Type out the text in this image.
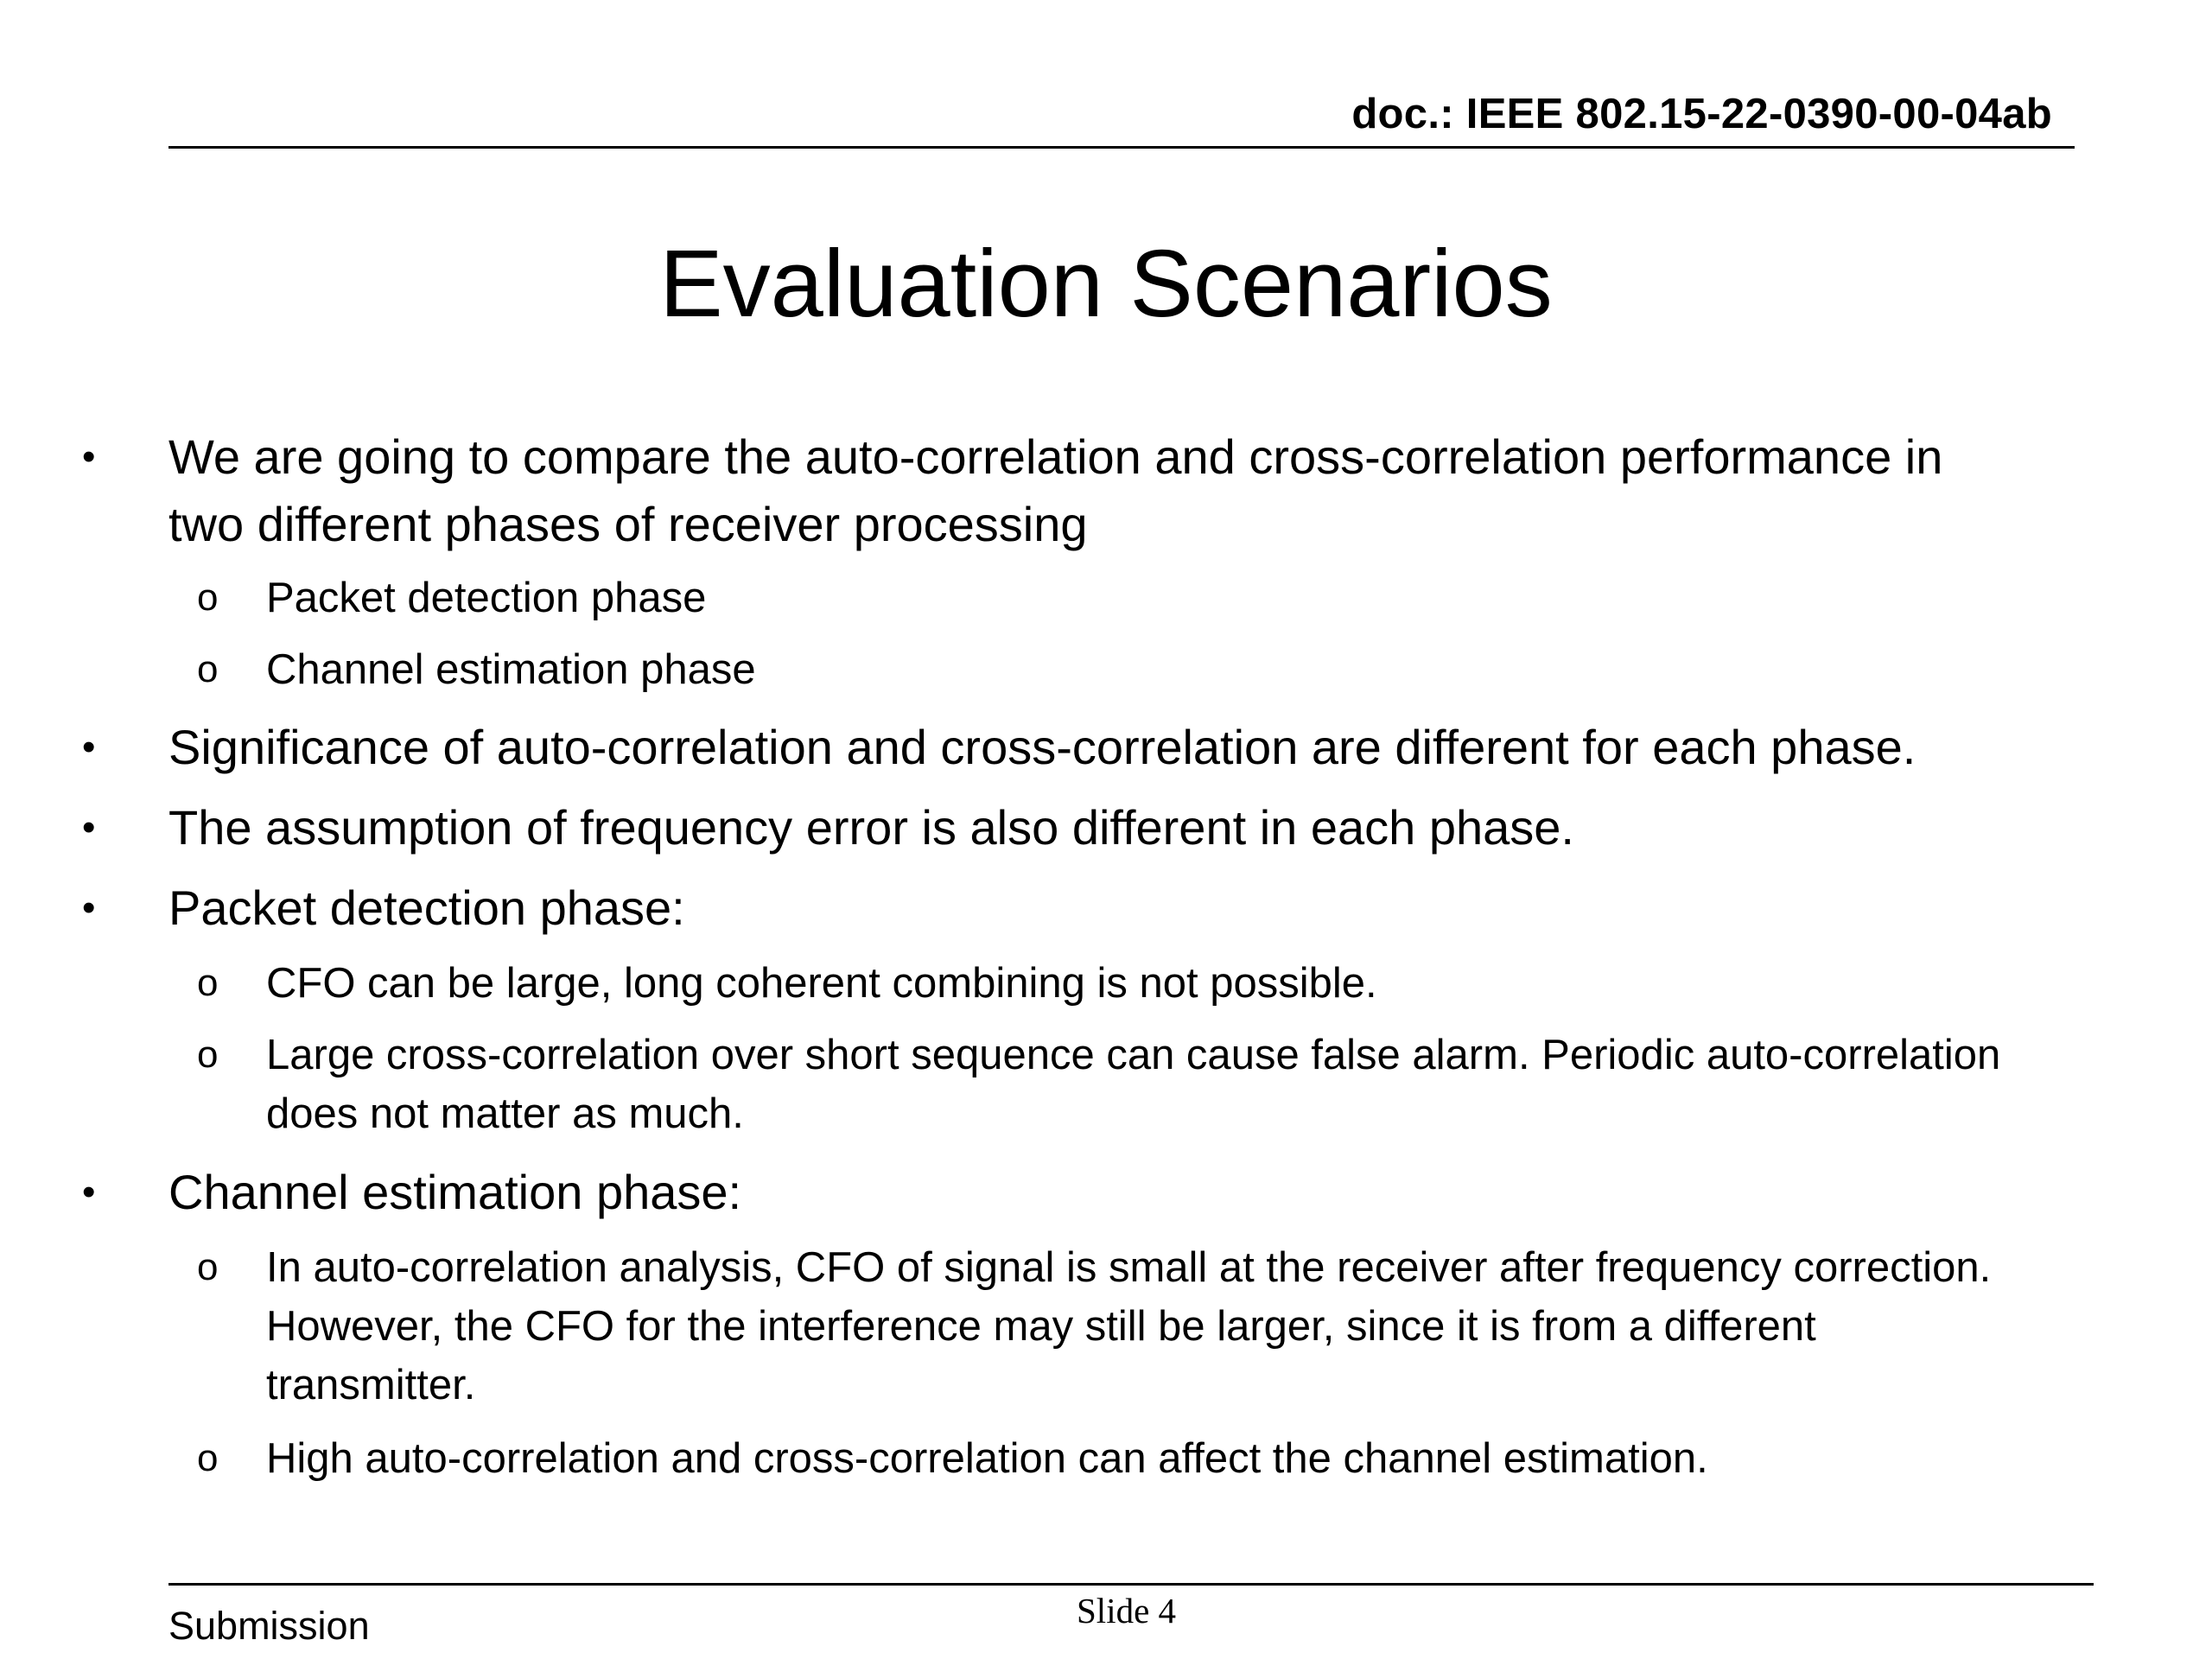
doc.: IEEE 802.15-22-0390-00-04ab
Evaluation Scenarios
• We are going to compare the auto-correlation and cross-correlation performance in
two different phases of receiver processing
o Packet detection phase
o Channel estimation phase
• Significance of auto-correlation and cross-correlation are different for each phase.
• The assumption of frequency error is also different in each phase.
• Packet detection phase:
o CFO can be large, long coherent combining is not possible.
o Large cross-correlation over short sequence can cause false alarm. Periodic auto-correlation
does not matter as much.
• Channel estimation phase:
o In auto-correlation analysis, CFO of signal is small at the receiver after frequency correction.
However, the CFO for the interference may still be larger, since it is from a different
transmitter.
o High auto-correlation and cross-correlation can affect the channel estimation.
Submission	Slide 4
